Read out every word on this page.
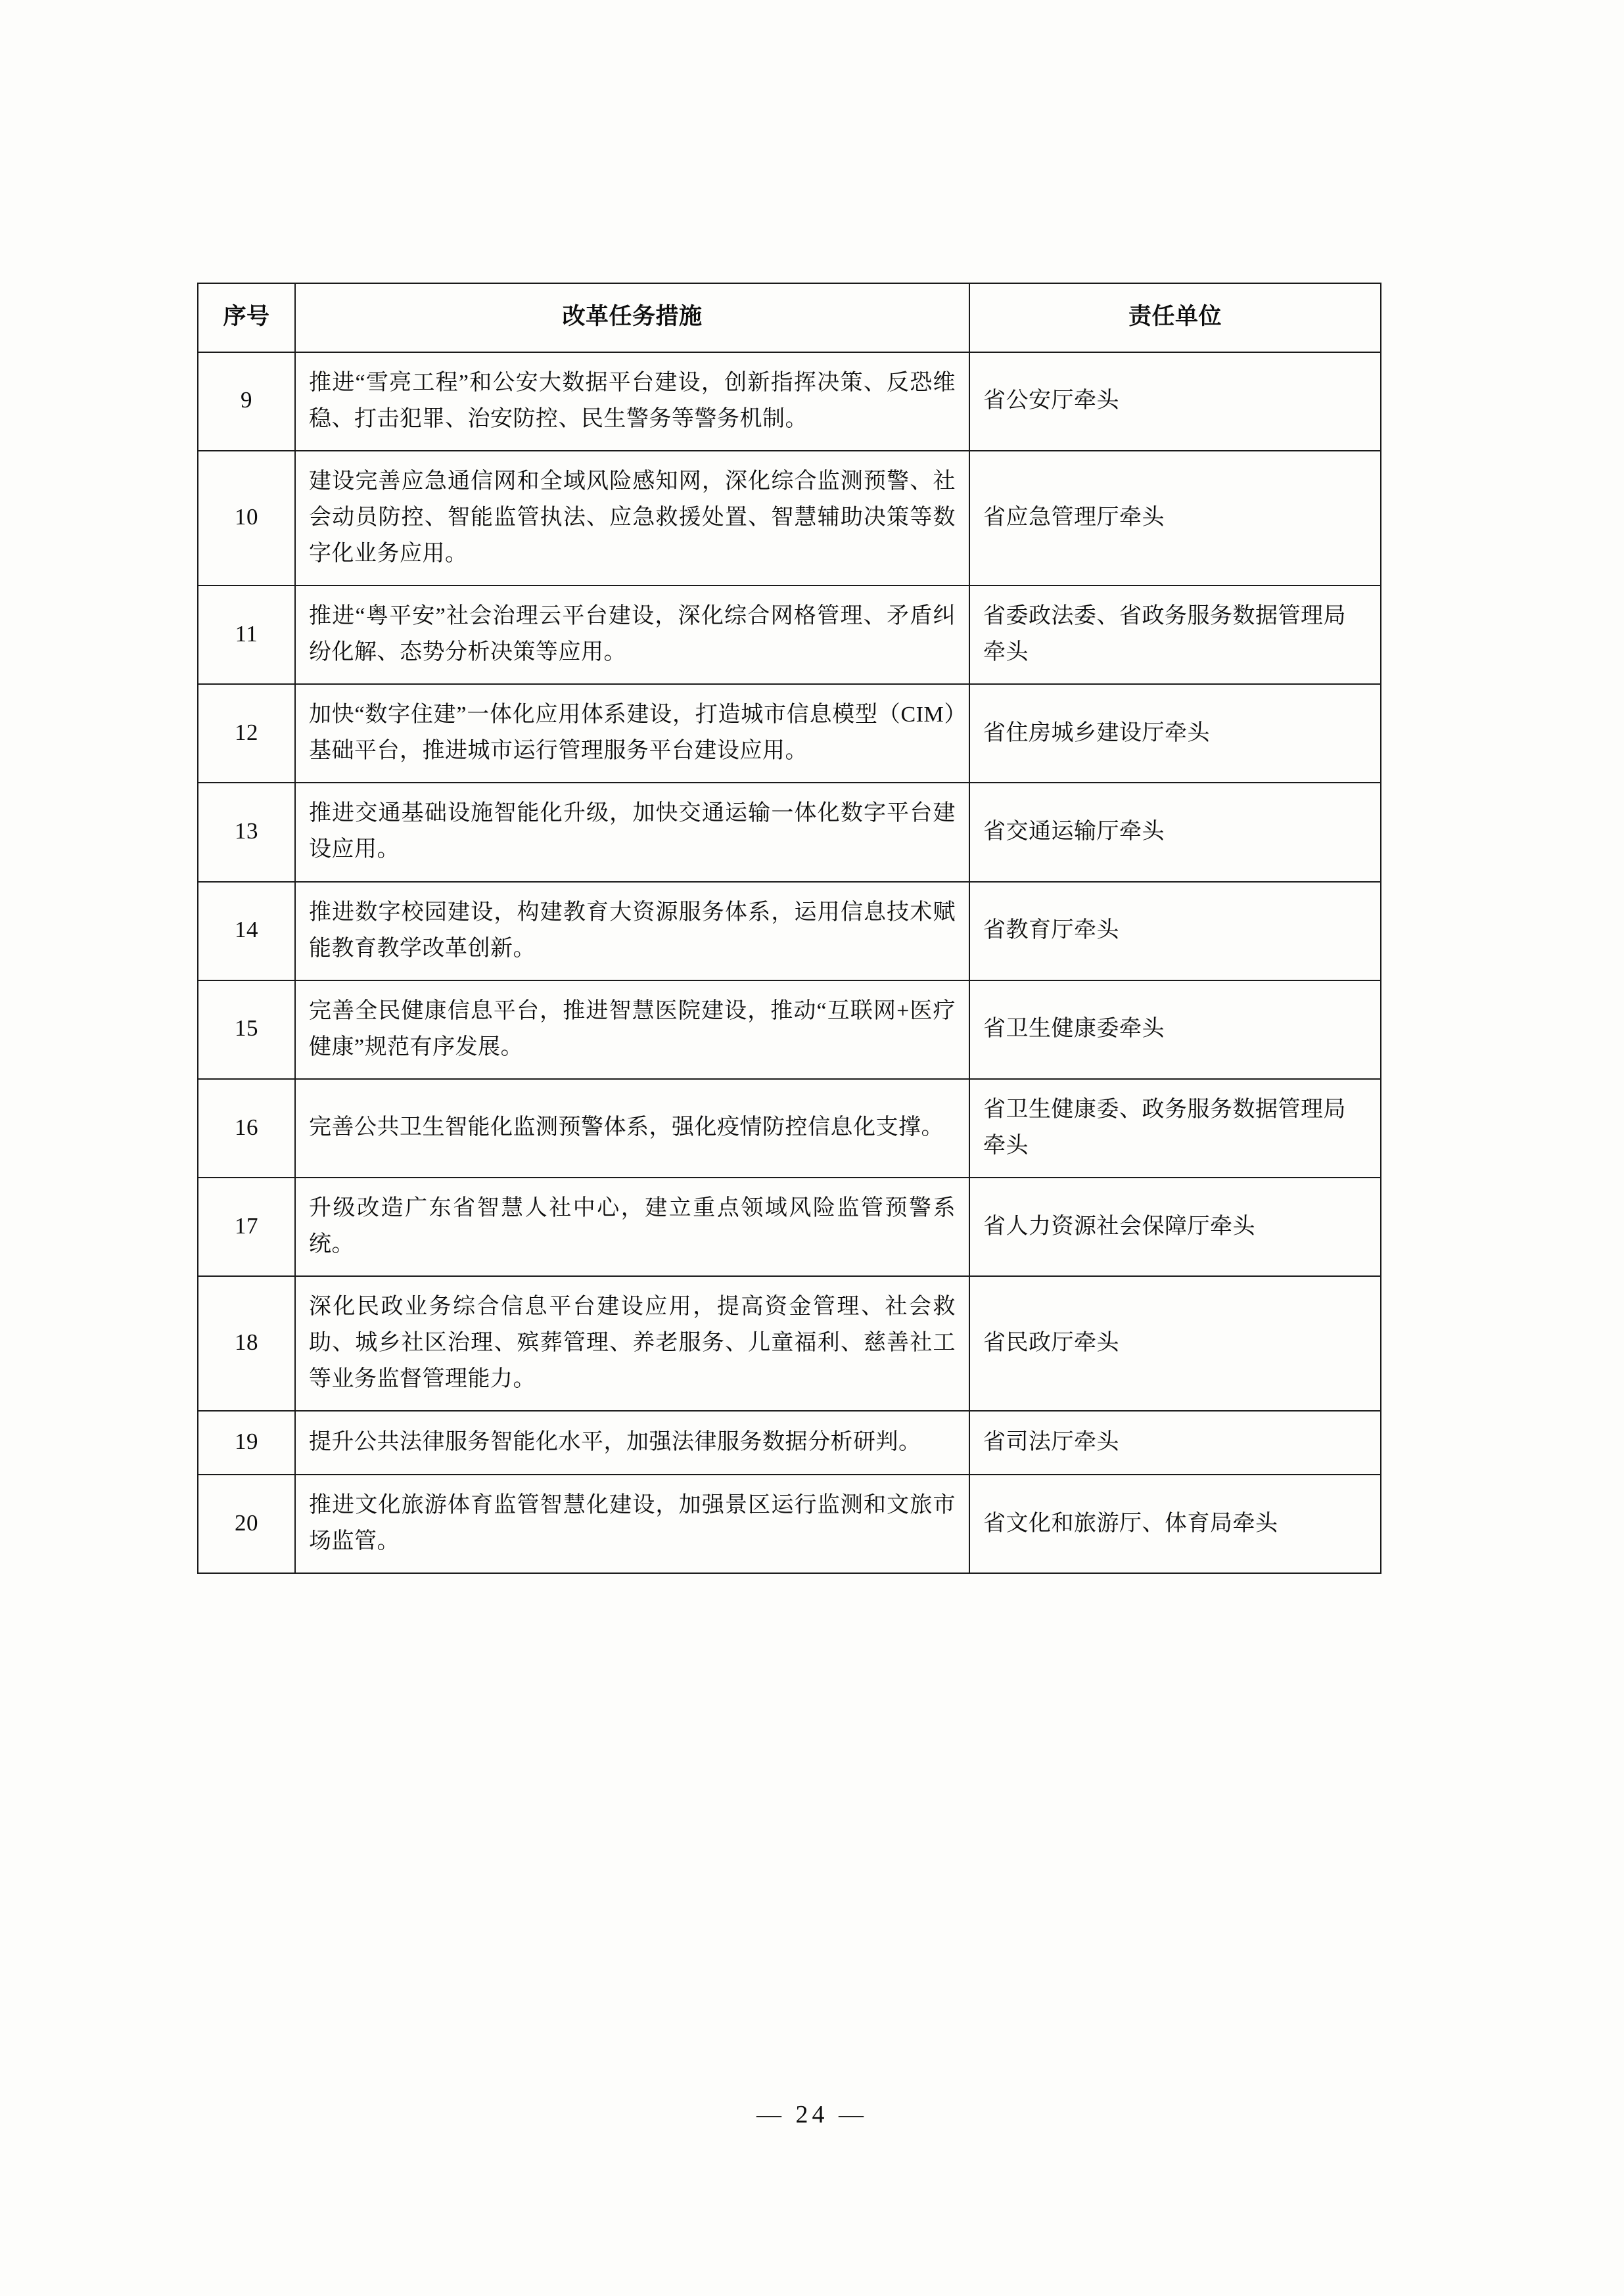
序号	改革任务措施	责任单位
9	推进“雪亮工程”和公安大数据平台建设，创新指挥决策、反恐维稳、打击犯罪、治安防控、民生警务等警务机制。	省公安厅牵头
10	建设完善应急通信网和全域风险感知网，深化综合监测预警、社会动员防控、智能监管执法、应急救援处置、智慧辅助决策等数字化业务应用。	省应急管理厅牵头
11	推进“粤平安”社会治理云平台建设，深化综合网格管理、矛盾纠纷化解、态势分析决策等应用。	省委政法委、省政务服务数据管理局牵头
12	加快“数字住建”一体化应用体系建设，打造城市信息模型（CIM）基础平台，推进城市运行管理服务平台建设应用。	省住房城乡建设厅牵头
13	推进交通基础设施智能化升级，加快交通运输一体化数字平台建设应用。	省交通运输厅牵头
14	推进数字校园建设，构建教育大资源服务体系，运用信息技术赋能教育教学改革创新。	省教育厅牵头
15	完善全民健康信息平台，推进智慧医院建设，推动“互联网+医疗健康”规范有序发展。	省卫生健康委牵头
16	完善公共卫生智能化监测预警体系，强化疫情防控信息化支撑。	省卫生健康委、政务服务数据管理局牵头
17	升级改造广东省智慧人社中心，建立重点领域风险监管预警系统。	省人力资源社会保障厅牵头
18	深化民政业务综合信息平台建设应用，提高资金管理、社会救助、城乡社区治理、殡葬管理、养老服务、儿童福利、慈善社工等业务监督管理能力。	省民政厅牵头
19	提升公共法律服务智能化水平，加强法律服务数据分析研判。	省司法厅牵头
20	推进文化旅游体育监管智慧化建设，加强景区运行监测和文旅市场监管。	省文化和旅游厅、体育局牵头
— 24 —
